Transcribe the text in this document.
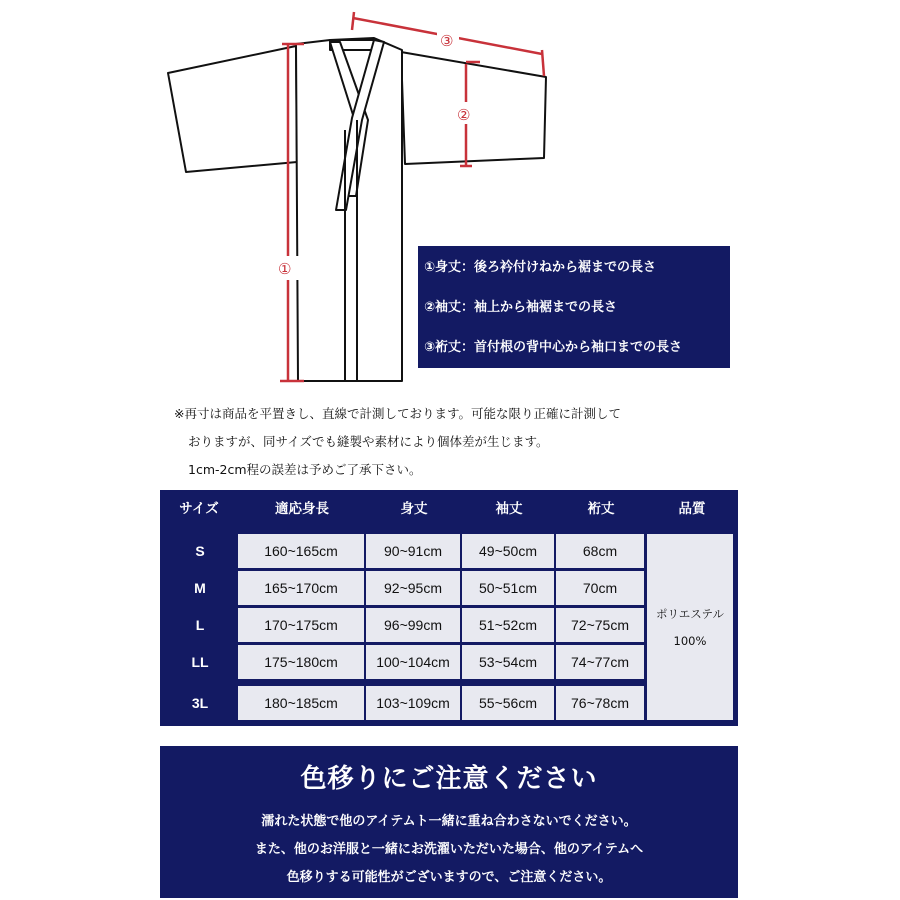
③
②
①	①身丈：後ろ衿付けねから裾までの長さ
②袖丈：袖上から袖裾までの長さ
③裄丈：首付根の背中心から袖口までの長さ
※再寸は商品を平置きし、直線で計測しております。可能な限り正確に計測して
おりますが、同サイズでも縫製や素材により個体差が生じます。
1cm-2cm程の誤差は予めご了承下さい。
サイズ	適応身長	身丈	袖丈	裄丈	品質
S	160~165cm	90~91cm	49~50cm	68cm
M	165~170cm	92~95cm	50~51cm	70cm
L	170~175cm	96~99cm	51~52cm	72~75cm
LL	175~180cm	100~104cm	53~54cm	74~77cm
3L	180~185cm	103~109cm	55~56cm	76~78cm
ポリエステル
100%
色移りにご注意ください
濡れた状態で他のアイテムト一緒に重ね合わさないでください。
また、他のお洋服と一緒にお洗濯いただいた場合、他のアイテムへ
色移りする可能性がございますので、ご注意ください。
